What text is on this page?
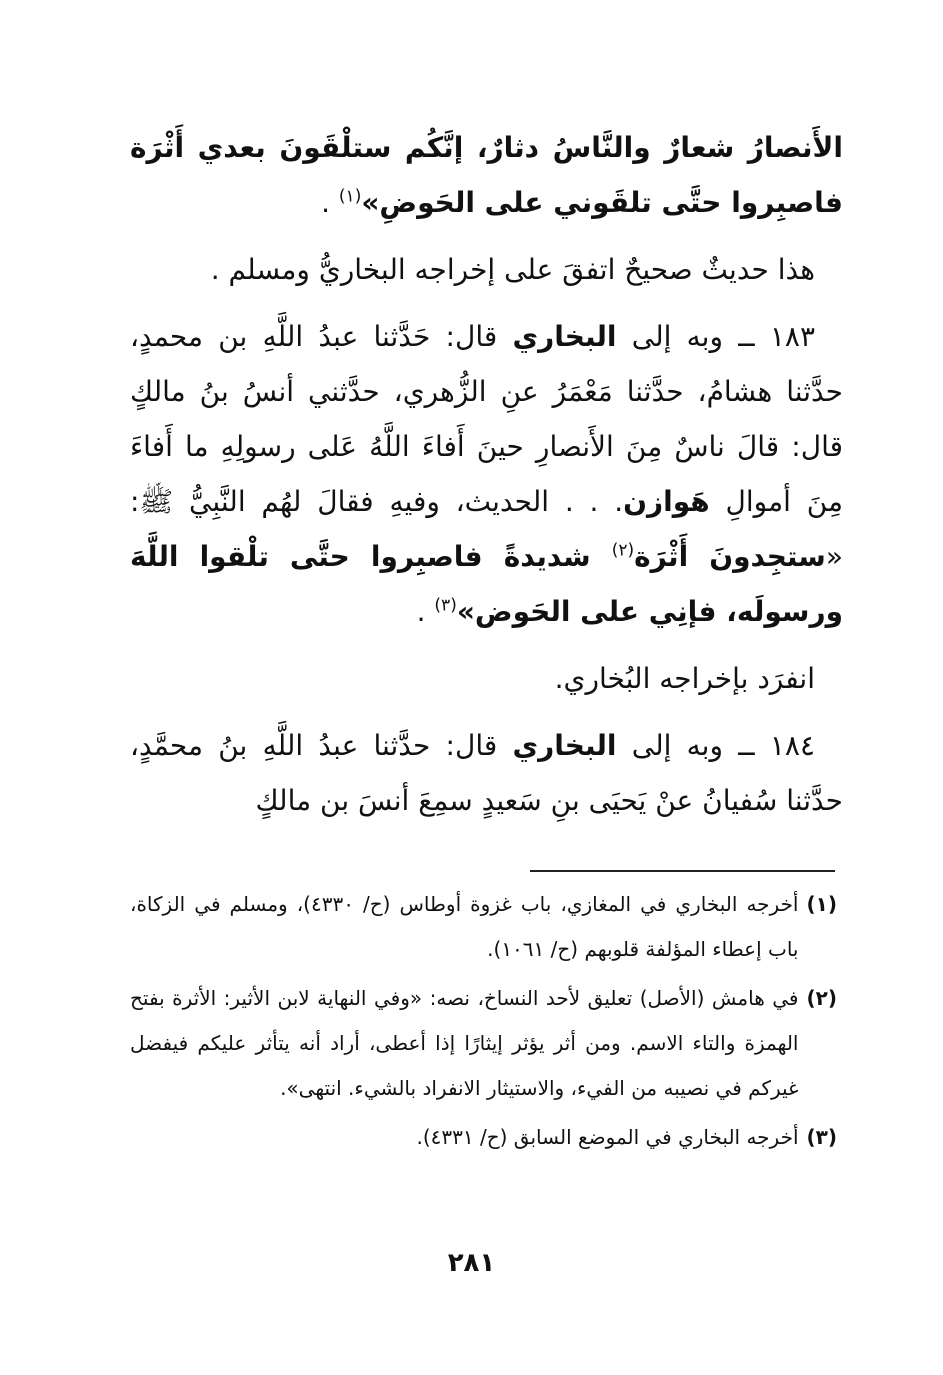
الأَنصارُ شعارٌ والنَّاسُ دثارٌ، إنَّكُم ستلْقَونَ بعدي أَثْرَة فاصبِروا حتَّى تلقَوني على الحَوضِ»$^{(١)}$ .

هذا حديثٌ صحيحٌ اتفقَ على إخراجه البخاريُّ ومسلم .

١٨٣ ــ وبه إلى البخاري قال: حَدَّثنا عبدُ اللَّهِ بن محمدٍ، حدَّثنا هشامُ، حدَّثنا مَعْمَرُ عنِ الزُّهري، حدَّثني أنسُ بنُ مالكٍ قال: قالَ ناسٌ مِنَ الأَنصارِ حينَ أَفاءَ اللَّهُ عَلى رسولِهِ ما أَفاءَ مِنَ أموالِ هَوازن. . . الحديث، وفيهِ فقالَ لهُم النَّبِيُّ ﷺ: «ستجِدونَ أَثْرَة$^{(٢)}$ شديدةً فاصبِروا حتَّى تلْقوا اللَّهَ ورسولَه، فإنِي على الحَوض»$^{(٣)}$ .

انفرَد بإخراجه البُخاري.

١٨٤ ــ وبه إلى البخاري قال: حدَّثنا عبدُ اللَّهِ بنُ محمَّدٍ، حدَّثنا سُفيانُ عنْ يَحيَى بنِ سَعيدٍ سمِعَ أنسَ بن مالكٍ

(١)
أخرجه البخاري في المغازي، باب غزوة أوطاس (ح/ ٤٣٣٠)، ومسلم في الزكاة، باب إعطاء المؤلفة قلوبهم (ح/ ١٠٦١).
(٢)
في هامش (الأصل) تعليق لأحد النساخ، نصه: «وفي النهاية لابن الأثير: الأثرة بفتح الهمزة والتاء الاسم. ومن أثر يؤثر إيثارًا إذا أعطى، أراد أنه يتأثر عليكم فيفضل غيركم في نصيبه من الفيء، والاستيثار الانفراد بالشيء. انتهى».
(٣)
أخرجه البخاري في الموضع السابق (ح/ ٤٣٣١).
٢٨١
